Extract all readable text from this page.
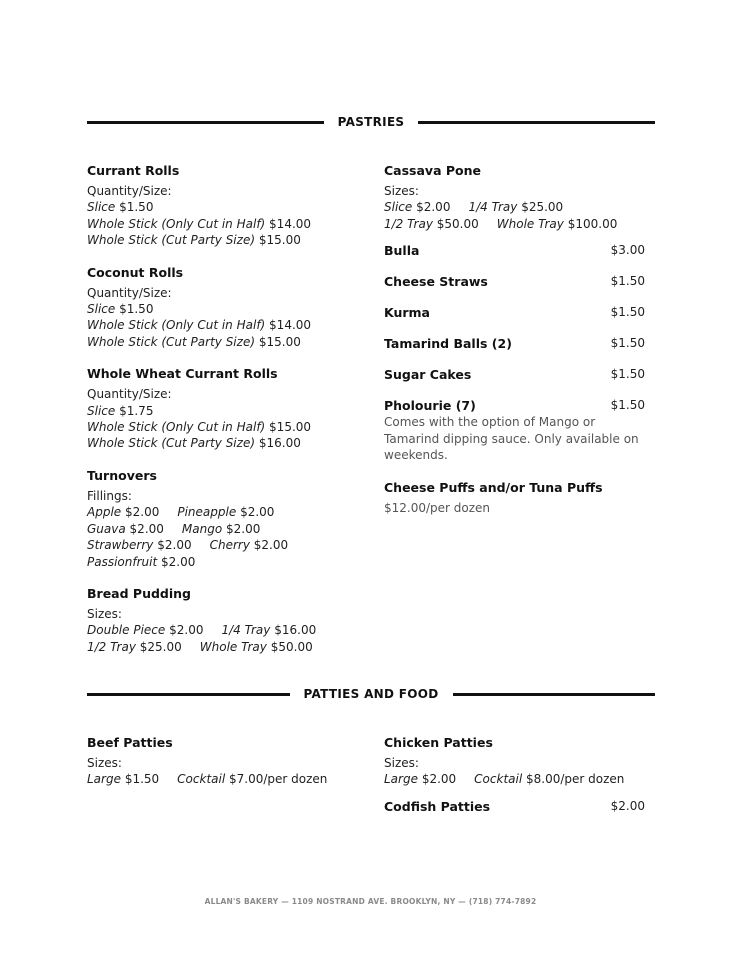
PASTRIES
Currant Rolls
Quantity/Size:
Slice $1.50
Whole Stick (Only Cut in Half) $14.00
Whole Stick (Cut Party Size) $15.00
Coconut Rolls
Quantity/Size:
Slice $1.50
Whole Stick (Only Cut in Half) $14.00
Whole Stick (Cut Party Size) $15.00
Whole Wheat Currant Rolls
Quantity/Size:
Slice $1.75
Whole Stick (Only Cut in Half) $15.00
Whole Stick (Cut Party Size) $16.00
Turnovers
Fillings:
Apple $2.00 Pineapple $2.00
Guava $2.00 Mango $2.00
Strawberry $2.00 Cherry $2.00
Passionfruit $2.00
Bread Pudding
Sizes:
Double Piece $2.00 1/4 Tray $16.00
1/2 Tray $25.00 Whole Tray $50.00
Cassava Pone
Sizes:
Slice $2.00 1/4 Tray $25.00
1/2 Tray $50.00 Whole Tray $100.00
Bulla	$3.00
Cheese Straws	$1.50
Kurma	$1.50
Tamarind Balls (2)	$1.50
Sugar Cakes	$1.50
Pholourie (7)	$1.50
Comes with the option of Mango or Tamarind dipping sauce. Only available on weekends.
Cheese Puffs and/or Tuna Puffs
$12.00/per dozen
PATTIES AND FOOD
Beef Patties
Sizes:
Large $1.50 Cocktail $7.00/per dozen
Chicken Patties
Sizes:
Large $2.00 Cocktail $8.00/per dozen
Codfish Patties	$2.00
ALLAN'S BAKERY — 1109 NOSTRAND AVE. BROOKLYN, NY — (718) 774-7892
